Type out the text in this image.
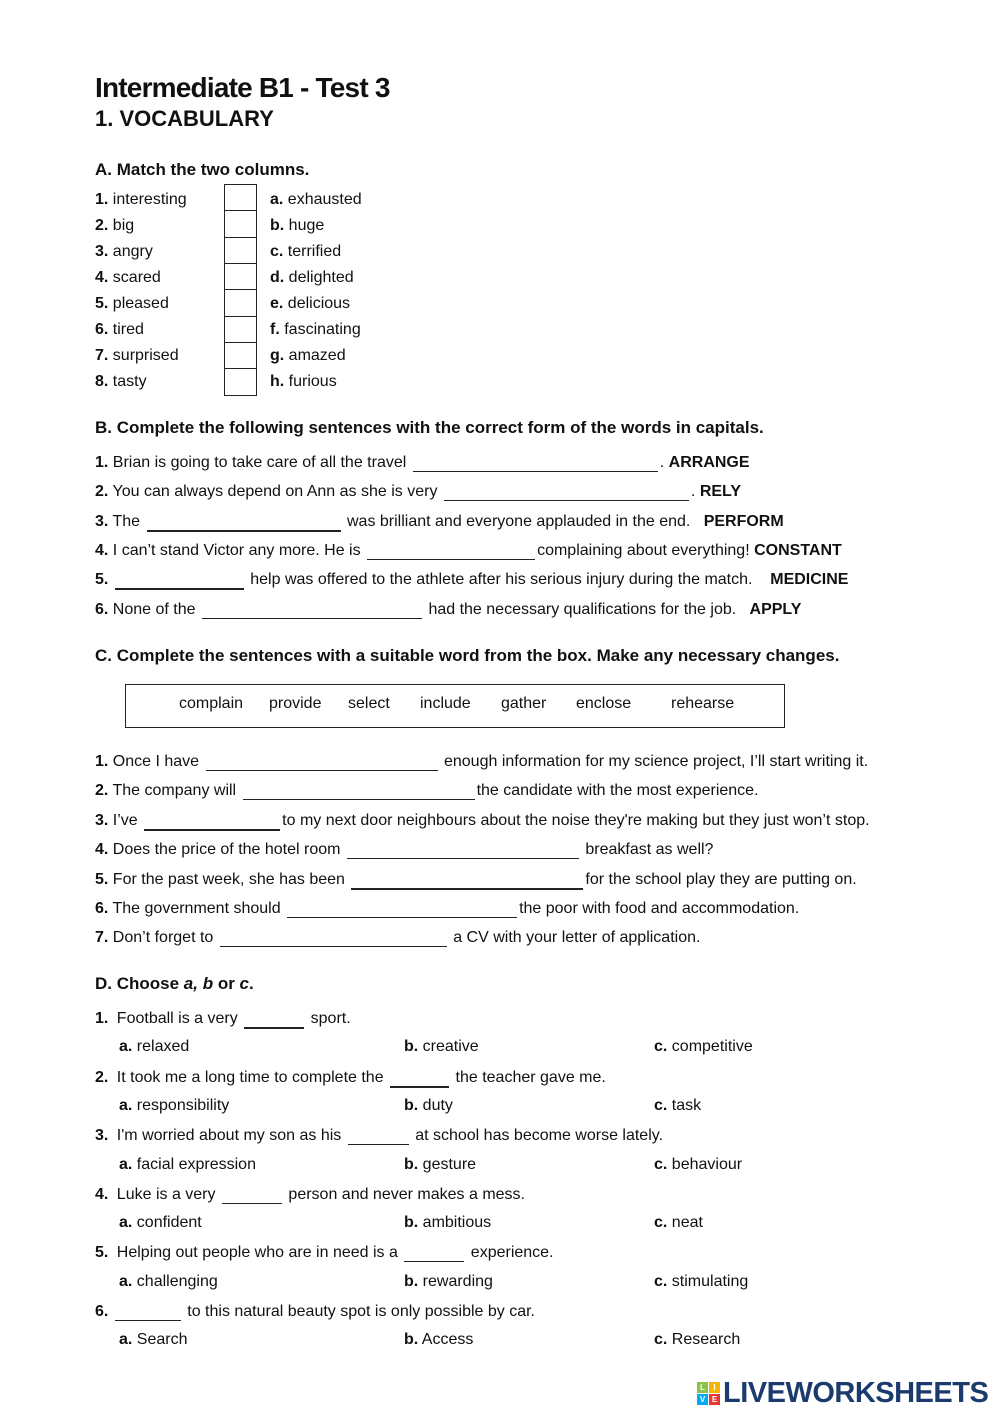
Intermediate B1 - Test 3
1. VOCABULARY
A. Match the two columns.
1. interesting	a. exhausted
2. big	b. huge
3. angry	c. terrified
4. scared	d. delighted
5. pleased	e. delicious
6. tired	f. fascinating
7. surprised	g. amazed
8. tasty	h. furious
B. Complete the following sentences with the correct form of the words in capitals.
1. Brian is going to take care of all the travel	. ARRANGE
2. You can always depend on Ann as she is very	. RELY
3. The	was brilliant and everyone applauded in the end. PERFORM
4. I can’t stand Victor any more. He is	complaining about everything! CONSTANT
5.	help was offered to the athlete after his serious injury during the match. MEDICINE
6. None of the	had the necessary qualifications for the job. APPLY
C. Complete the sentences with a suitable word from the box. Make any necessary changes.
complain provide select include gather enclose rehearse
1. Once I have	enough information for my science project, I’ll start writing it.
2. The company will	the candidate with the most experience.
3. I’ve	to my next door neighbours about the noise they're making but they just won’t stop.
4. Does the price of the hotel room	breakfast as well?
5. For the past week, she has been	for the school play they are putting on.
6. The government should	the poor with food and accommodation.
7. Don’t forget to	a CV with your letter of application.
D. Choose a, b or c.
1. Football is a very	sport.
a. relaxed	b. creative	c. competitive
2. It took me a long time to complete the	the teacher gave me.
a. responsibility	b. duty	c. task
3. I'm worried about my son as his	at school has become worse lately.
a. facial expression	b. gesture	c. behaviour
4. Luke is a very	person and never makes a mess.
a. confident	b. ambitious	c. neat
5. Helping out people who are in need is a	experience.
a. challenging	b. rewarding	c. stimulating
6.	to this natural beauty spot is only possible by car.
a. Search	b. Access	c. Research
L	I
V E LIVEWORKSHEETS
